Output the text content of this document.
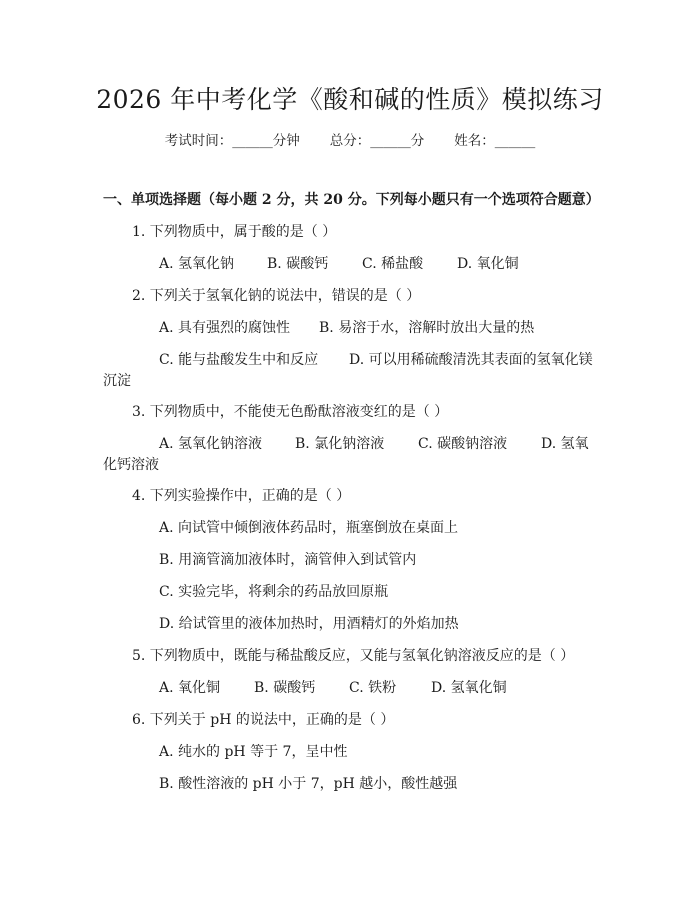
2026 年中考化学《酸和碱的性质》模拟练习
考试时间：______分钟 总分：______分 姓名：______
一、单项选择题（每小题 2 分，共 20 分。下列每小题只有一个选项符合题意）
1. 下列物质中，属于酸的是（ ）
A. 氢氧化钠 B. 碳酸钙 C. 稀盐酸 D. 氧化铜
2. 下列关于氢氧化钠的说法中，错误的是（ ）
A. 具有强烈的腐蚀性 B. 易溶于水，溶解时放出大量的热
C. 能与盐酸发生中和反应 D. 可以用稀硫酸清洗其表面的氢氧化镁
沉淀
3. 下列物质中，不能使无色酚酞溶液变红的是（ ）
A. 氢氧化钠溶液 B. 氯化钠溶液 C. 碳酸钠溶液 D. 氢氧
化钙溶液
4. 下列实验操作中，正确的是（ ）
A. 向试管中倾倒液体药品时，瓶塞倒放在桌面上
B. 用滴管滴加液体时，滴管伸入到试管内
C. 实验完毕，将剩余的药品放回原瓶
D. 给试管里的液体加热时，用酒精灯的外焰加热
5. 下列物质中，既能与稀盐酸反应，又能与氢氧化钠溶液反应的是（ ）
A. 氧化铜 B. 碳酸钙 C. 铁粉 D. 氢氧化铜
6. 下列关于 pH 的说法中，正确的是（ ）
A. 纯水的 pH 等于 7，呈中性
B. 酸性溶液的 pH 小于 7，pH 越小，酸性越强
